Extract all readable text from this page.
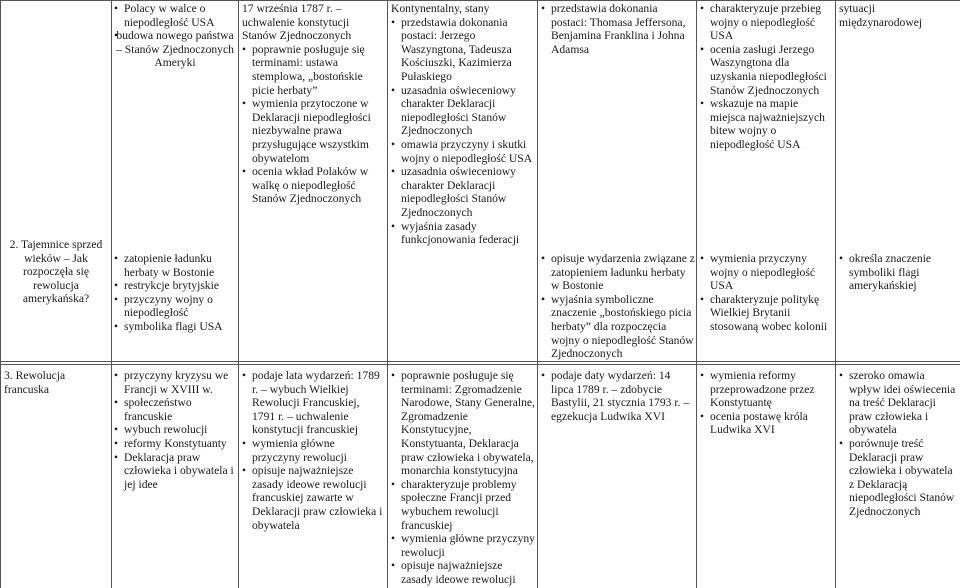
• Polacy w walce o niepodległość USA
• budowa nowego państwa – Stanów Zjednoczonych Ameryki

2. Tajemnice sprzed wieków – Jak rozpoczęła się rewolucja amerykańska?

• zatopienie ładunku herbaty w Bostonie
• restrykcje brytyjskie
• przyczyny wojny o niepodległość
• symbolika flagi USA

17 września 1787 r. – uchwalenie konstytucji Stanów Zjednoczonych

• poprawnie posługuje się terminami: ustawa stemplowa, „bostońskie picie herbaty”
• wymienia przytoczone w Deklaracji niepodległości niezbywalne prawa przysługujące wszystkim obywatelom
• ocenia wkład Polaków w walkę o niepodległość Stanów Zjednoczonych

Kontynentalny, stany

• przedstawia dokonania postaci: Jerzego Waszyngtona, Tadeusza Kościuszki, Kazimierza Pułaskiego
• uzasadnia oświeceniowy charakter Deklaracji niepodległości Stanów Zjednoczonych
• omawia przyczyny i skutki wojny o niepodległość USA
• uzasadnia oświeceniowy charakter Deklaracji niepodległości Stanów Zjednoczonych
• wyjaśnia zasady funkcjonowania federacji
• przedstawia dokonania postaci: Thomasa Jeffersona, Benjamina Franklina i Johna Adamsa
• opisuje wydarzenia związane z zatopieniem ładunku herbaty w Bostonie
• wyjaśnia symboliczne znaczenie „bostońskiego picia herbaty” dla rozpoczęcia wojny o niepodległość Stanów Zjednoczonych
• charakteryzuje przebieg wojny o niepodległość USA
• ocenia zasługi Jerzego Waszyngtona dla uzyskania niepodległości Stanów Zjednoczonych
• wskazuje na mapie miejsca najważniejszych bitew wojny o niepodległość USA
• wymienia przyczyny wojny o niepodległość USA
• charakteryzuje politykę Wielkiej Brytanii stosowaną wobec kolonii

sytuacji międzynarodowej

• określa znaczenie symboliki flagi amerykańskiej

3. Rewolucja francuska

• przyczyny kryzysu we Francji w XVIII w.
• społeczeństwo francuskie
• wybuch rewolucji
• reformy Konstytuanty
• Deklaracja praw człowieka i obywatela i jej idee
• podaje lata wydarzeń: 1789 r. – wybuch Wielkiej Rewolucji Francuskiej, 1791 r. – uchwalenie konstytucji francuskiej
• wymienia główne przyczyny rewolucji
• opisuje najważniejsze zasady ideowe rewolucji francuskiej zawarte w Deklaracji praw człowieka i obywatela
• poprawnie posługuje się terminami: Zgromadzenie Narodowe, Stany Generalne, Zgromadzenie Konstytucyjne, Konstytuanta, Deklaracja praw człowieka i obywatela, monarchia konstytucyjna
• charakteryzuje problemy społeczne Francji przed wybuchem rewolucji francuskiej
• wymienia główne przyczyny rewolucji
• opisuje najważniejsze zasady ideowe rewolucji
• podaje daty wydarzeń: 14 lipca 1789 r. – zdobycie Bastylii, 21 stycznia 1793 r. – egzekucja Ludwika XVI
• wymienia reformy przeprowadzone przez Konstytuantę
• ocenia postawę króla Ludwika XVI
• szeroko omawia wpływ idei oświecenia na treść Deklaracji praw człowieka i obywatela
• porównuje treść Deklaracji praw człowieka i obywatela z Deklaracją niepodległości Stanów Zjednoczonych
